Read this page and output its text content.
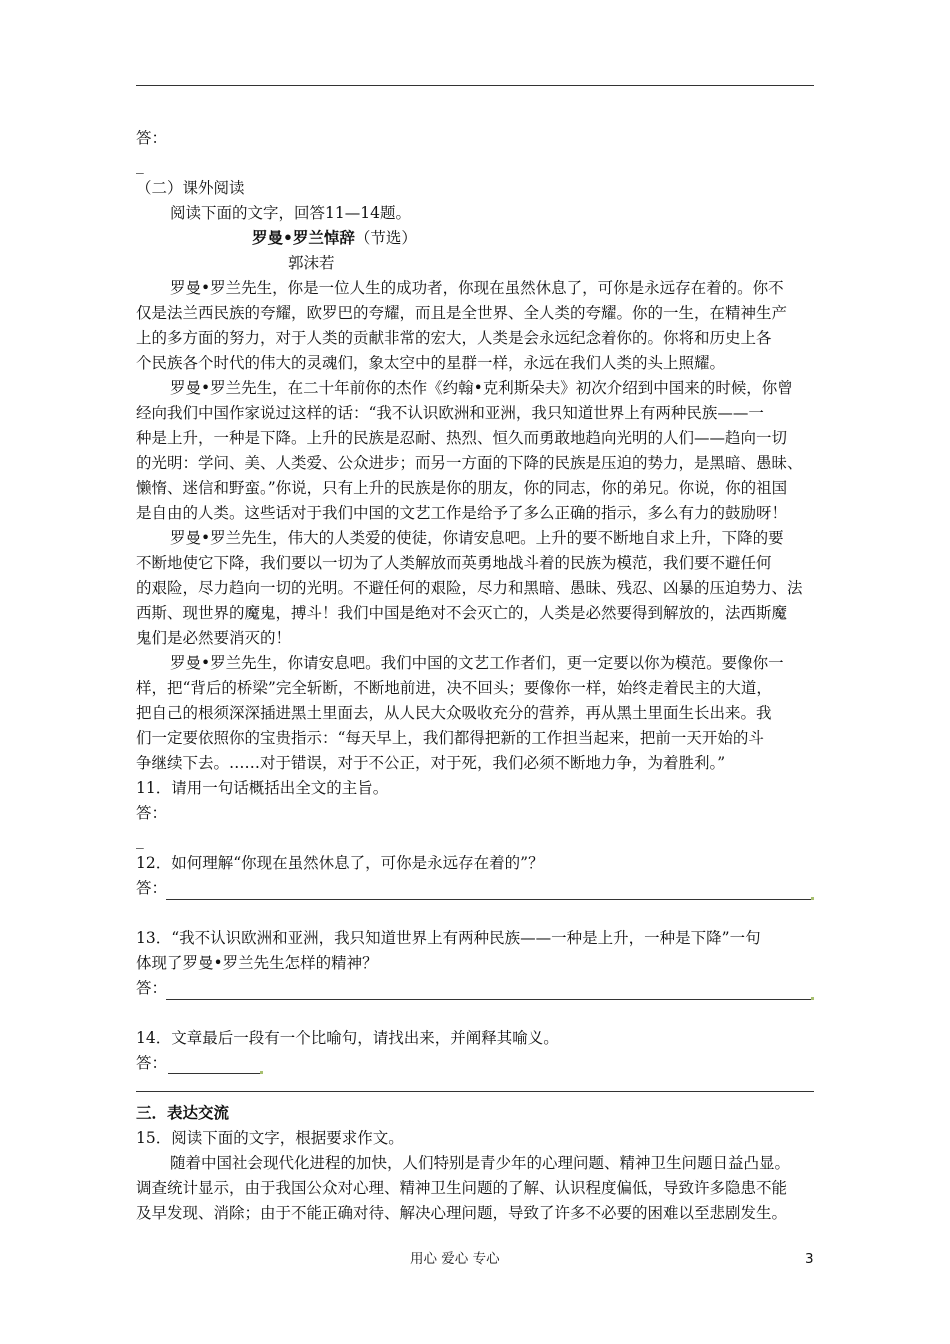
答：
_
（二）课外阅读
阅读下面的文字，回答11—14题。
罗曼•罗兰悼辞（节选）
郭沫若
罗曼•罗兰先生，你是一位人生的成功者，你现在虽然休息了，可你是永远存在着的。你不
仅是法兰西民族的夸耀，欧罗巴的夸耀，而且是全世界、全人类的夸耀。你的一生，在精神生产
上的多方面的努力，对于人类的贡献非常的宏大，人类是会永远纪念着你的。你将和历史上各
个民族各个时代的伟大的灵魂们，象太空中的星群一样，永远在我们人类的头上照耀。
罗曼•罗兰先生，在二十年前你的杰作《约翰•克利斯朵夫》初次介绍到中国来的时候，你曾
经向我们中国作家说过这样的话：“我不认识欧洲和亚洲，我只知道世界上有两种民族——一
种是上升，一种是下降。上升的民族是忍耐、热烈、恒久而勇敢地趋向光明的人们——趋向一切
的光明：学问、美、人类爱、公众进步；而另一方面的下降的民族是压迫的势力，是黑暗、愚昧、
懒惰、迷信和野蛮。”你说，只有上升的民族是你的朋友，你的同志，你的弟兄。你说，你的祖国
是自由的人类。这些话对于我们中国的文艺工作是给予了多么正确的指示，多么有力的鼓励呀！
罗曼•罗兰先生，伟大的人类爱的使徒，你请安息吧。上升的要不断地自求上升，下降的要
不断地使它下降，我们要以一切为了人类解放而英勇地战斗着的民族为模范，我们要不避任何
的艰险，尽力趋向一切的光明。不避任何的艰险，尽力和黑暗、愚昧、残忍、凶暴的压迫势力、法
西斯、现世界的魔鬼，搏斗！我们中国是绝对不会灭亡的，人类是必然要得到解放的，法西斯魔
鬼们是必然要消灭的！
罗曼•罗兰先生，你请安息吧。我们中国的文艺工作者们，更一定要以你为模范。要像你一
样，把“背后的桥梁”完全斩断，不断地前进，决不回头；要像你一样，始终走着民主的大道，
把自己的根须深深插进黑土里面去，从人民大众吸收充分的营养，再从黑土里面生长出来。我
们一定要依照你的宝贵指示：“每天早上，我们都得把新的工作担当起来，把前一天开始的斗
争继续下去。……对于错误，对于不公正，对于死，我们必须不断地力争，为着胜利。”
11．请用一句话概括出全文的主旨。
答：
_
12．如何理解“你现在虽然休息了，可你是永远存在着的”？
答：
13．“我不认识欧洲和亚洲，我只知道世界上有两种民族——一种是上升，一种是下降”一句
体现了罗曼•罗兰先生怎样的精神？
答：
14．文章最后一段有一个比喻句，请找出来，并阐释其喻义。
答：
三．表达交流
15．阅读下面的文字，根据要求作文。
随着中国社会现代化进程的加快，人们特别是青少年的心理问题、精神卫生问题日益凸显。
调查统计显示，由于我国公众对心理、精神卫生问题的了解、认识程度偏低，导致许多隐患不能
及早发现、消除；由于不能正确对待、解决心理问题，导致了许多不必要的困难以至悲剧发生。
用心 爱心 专心	3
